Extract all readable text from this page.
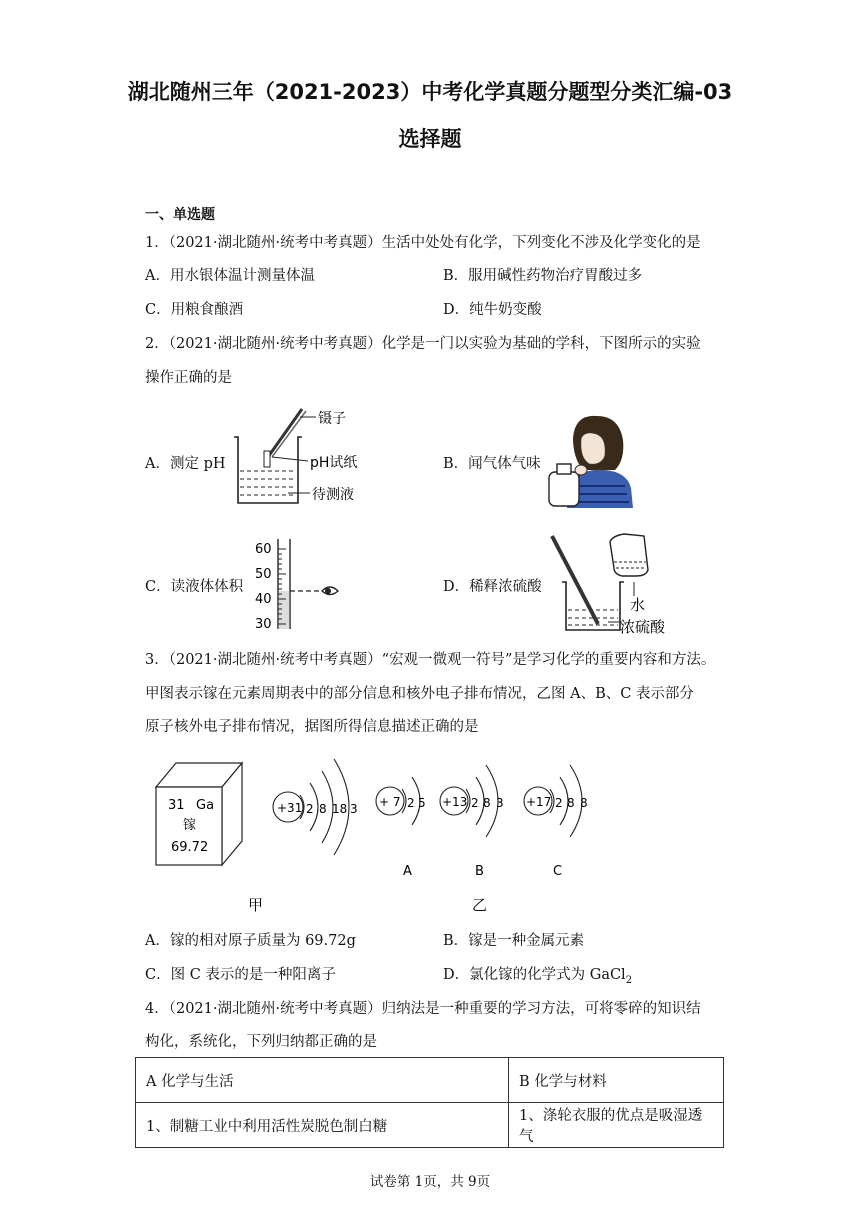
湖北随州三年（2021-2023）中考化学真题分题型分类汇编-03
选择题
一、单选题
1．（2021·湖北随州·统考中考真题）生活中处处有化学，下列变化不涉及化学变化的是
A．用水银体温计测量体温	B．服用碱性药物治疗胃酸过多
C．用粮食酿酒	D．纯牛奶变酸
2．（2021·湖北随州·统考中考真题）化学是一门以实验为基础的学科，下图所示的实验
操作正确的是
A．测定 pH
镊子
pH试纸
待测液
B．闻气体气味
C．读液体体积
60
50
40
30
D．稀释浓硫酸
水
浓硫酸
3．（2021·湖北随州·统考中考真题）“宏观一微观一符号”是学习化学的重要内容和方法。
甲图表示镓在元素周期表中的部分信息和核外电子排布情况，乙图 A、B、C 表示部分
原子核外电子排布情况，据图所得信息描述正确的是
31 Ga
镓
69.72
+31 2 8 18 3 + 7 2 5 +13 2 8 3 +17 2 8 8
A	B	C
甲	乙
A．镓的相对原子质量为 69.72g	B．镓是一种金属元素
C．图 C 表示的是一种阳离子	D．氯化镓的化学式为 GaCl$_2$
4．（2021·湖北随州·统考中考真题）归纳法是一种重要的学习方法，可将零碎的知识结
构化，系统化，下列归纳都正确的是
A 化学与生活	B 化学与材料
1、制糖工业中利用活性炭脱色制白糖	1、涤轮衣服的优点是吸湿透气
试卷第 1页，共 9页
